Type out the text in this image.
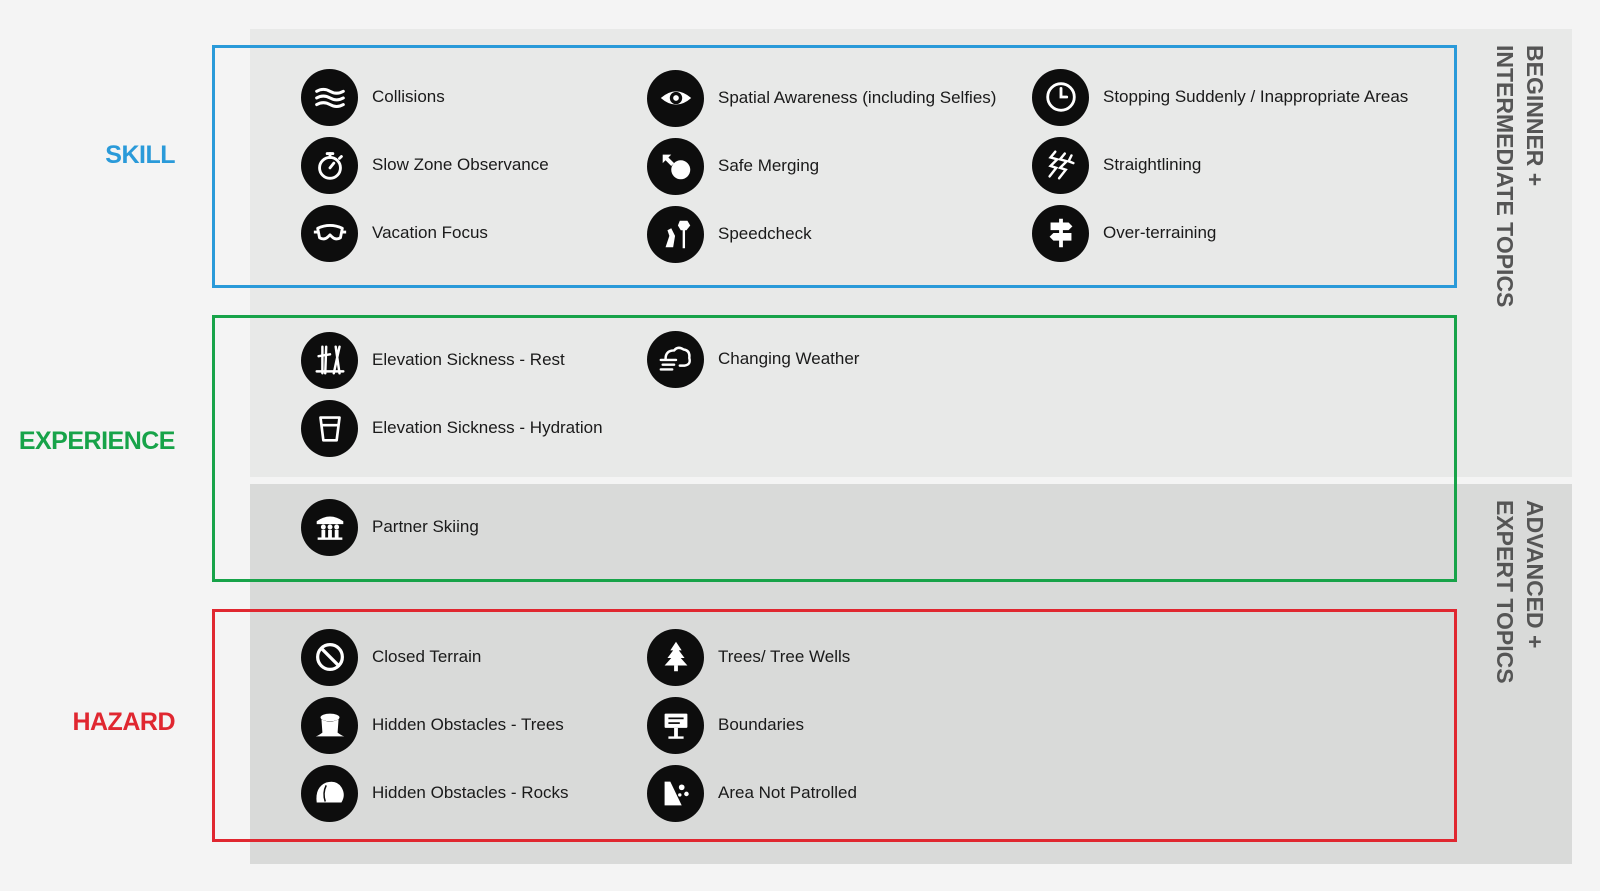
SKILL
EXPERIENCE
HAZARD
BEGINNER +
INTERMEDIATE TOPICS
ADVANCED +
EXPERT TOPICS
Collisions
Slow Zone Observance
Vacation Focus
Spatial Awareness (including Selfies)
Safe Merging
Speedcheck
Stopping Suddenly / Inappropriate Areas
Straightlining
Over-terraining
Elevation Sickness - Rest
Elevation Sickness - Hydration
Changing Weather
Partner Skiing
Closed Terrain
Hidden Obstacles - Trees
Hidden Obstacles - Rocks
Trees/ Tree Wells
Boundaries
Area Not Patrolled
